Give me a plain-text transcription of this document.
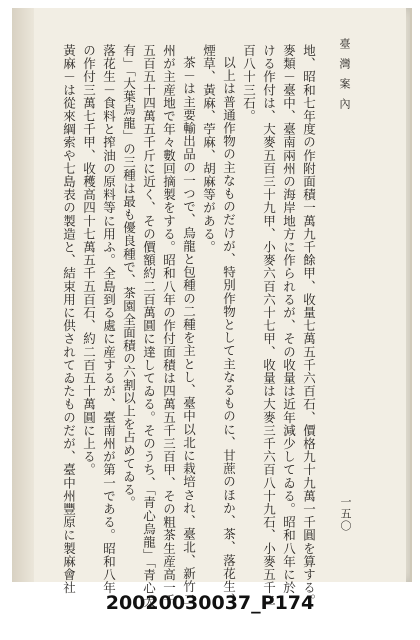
臺灣案內
地、昭和七年度の作附面積一萬九千餘甲、收量七萬五千六百石、價格九十九萬一千圓を算する。
麥類－臺中、臺南兩州の海岸地方に作られるが、その收量は近年減少してゐる。昭和八年に於
ける作付は、大麥五百三十九甲、小麥六百六十七甲、收量は大麥三千六百八十九石、小麥五千二
百八十三石。
以上は普通作物の主なものだけが、特別作物として主なるものに、甘蔗のほか、茶、落花生、
煙草、黃麻、苧麻、胡麻等がある。
茶－は主要輸出品の一つで、烏龍と包種の二種を主とし、臺中以北に栽培され、臺北、新竹二
州が主産地で年々數回摘製をする。昭和八年の作付面積は四萬五千三百甲、その粗茶生産高一千
五百五十四萬五千斤に近く、その價額約二百萬圓に達してゐる。そのうち、「青心烏龍」「青心大
有」「大葉烏龍」の三種は最も優良種で、茶園全面積の六割以上を占めてゐる。
落花生－食料と搾油の原料等に用ふ。全島到る處に産するが、臺南州が第一である。昭和八年
の作付三萬七千甲、收穫高四十七萬五千五百石、約二百五十萬圓に上る。
黃麻－は從來綱索や七島表の製造と、結束用に供されてゐたものだが、臺中州豐原に製麻會社	一五〇
20020030037_P174
